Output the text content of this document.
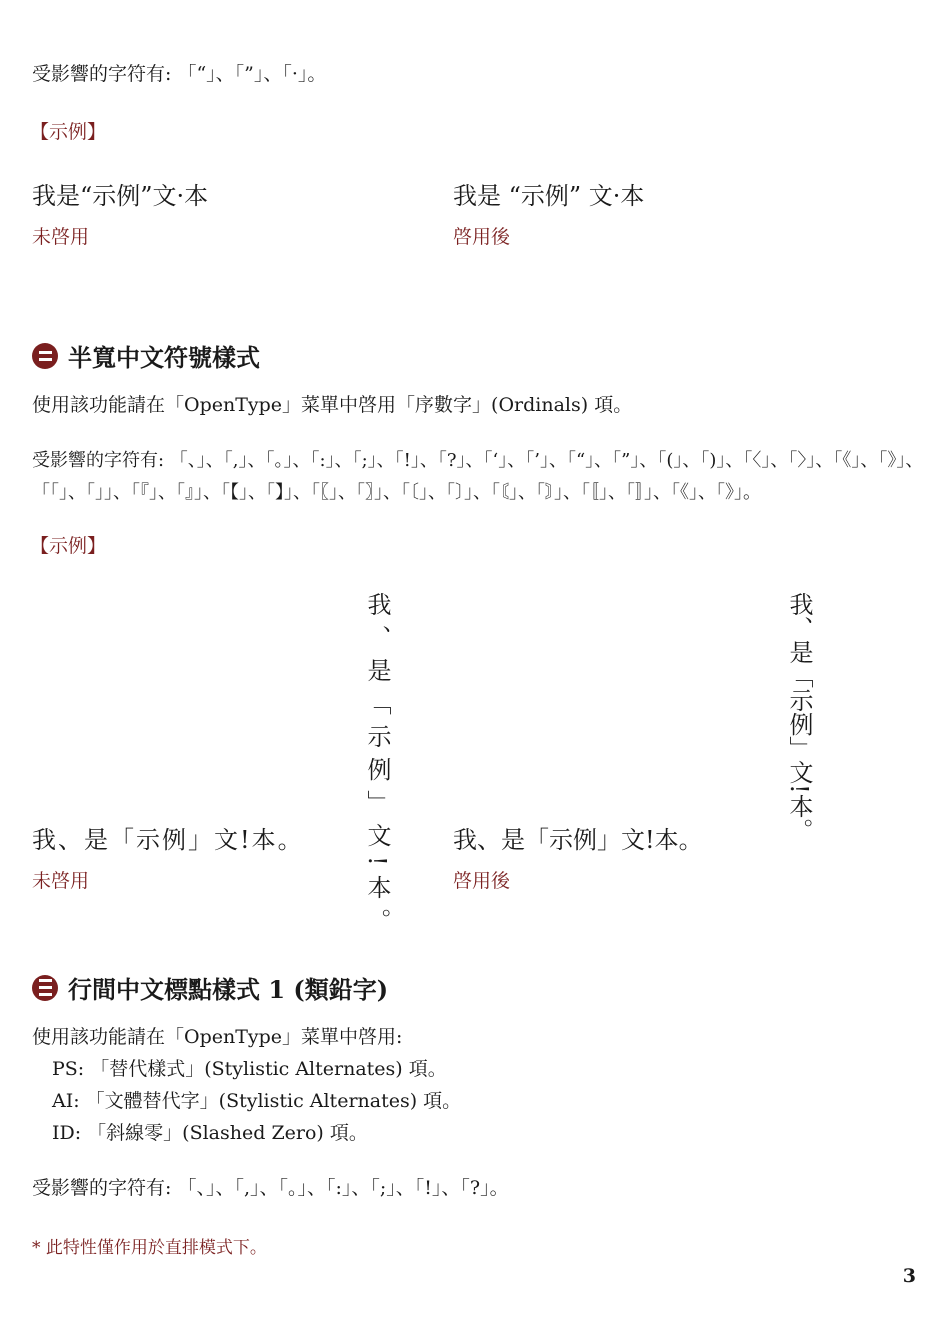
受影響的字符有: 「“」、「”」、「·」。
【示例】
我是“示例”文·本
未啓用
我是 “示例” 文·本
啓用後
半寬中文符號樣式
使用該功能請在「OpenType」菜單中啓用「序數字」(Ordinals) 項。
受影響的字符有: 「、」、「,」、「。」、「:」、「;」、「!」、「?」、「‘」、「’」、「“」、「”」、「(」、「)」、「〈」、「〉」、「《」、「》」、
「「」、「」」、「『」、「』」、「【」、「】」、「〖」、「〗」、「〔」、「〕」、「〘」、「〙」、「〚」、「〛」、「《」、「》」。
【示例】
我、是「示例」文!本。
我、是「示例」文!本。
未啓用
我、是「示例」文!本。
我、是「示例」文!本。
啓用後
行間中文標點樣式 1 (類鉛字)
使用該功能請在「OpenType」菜單中啓用:
PS: 「替代樣式」(Stylistic Alternates) 項。
AI: 「文體替代字」(Stylistic Alternates) 項。
ID: 「斜線零」(Slashed Zero) 項。
受影響的字符有: 「、」、「,」、「。」、「:」、「;」、「!」、「?」。
* 此特性僅作用於直排模式下。
3
